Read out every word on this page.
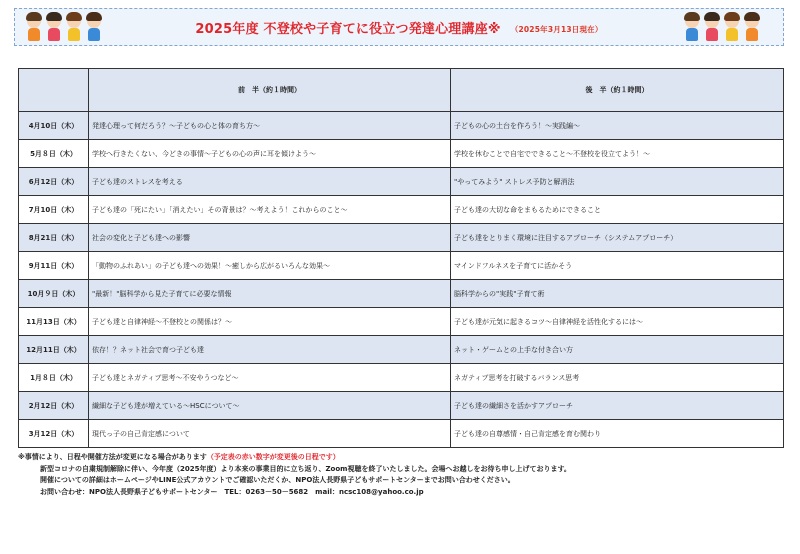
2025年度 不登校や子育てに役立つ発達心理講座※ （2025年3月13日現在）
	前　半（約１時間）	後　半（約１時間）
4月10日（木）	発達心理って何だろう？～子どもの心と体の育ち方～	子どもの心の土台を作ろう！～実践編～
5月８日（木）	学校へ行きたくない、今どきの事情～子どもの心の声に耳を傾けよう～	学校を休むことで自宅でできること～不登校を役立てよう！～
6月12日（木）	子ども達のストレスを考える	"やってみよう" ストレス予防と解消法
7月10日（木）	子ども達の「死にたい」「消えたい」その背景は？～考えよう！これからのこと～	子ども達の大切な命をまもるためにできること
8月21日（木）	社会の変化と子ども達への影響	子ども達をとりまく環境に注目するアプローチ（システムアプローチ）
9月11日（木）	「動物のふれあい」の子ども達への効果！～癒しから広がるいろんな効果～	マインドフルネスを子育てに活かそう
10月９日（木）	"最新！"脳科学から見た子育てに必要な情報	脳科学からの"実践"子育て術
11月13日（木）	子ども達と自律神経～不登校との関係は？～	子ども達が元気に起きるコツ～自律神経を活性化するには～
12月11日（木）	依存！？ネット社会で育つ子ども達	ネット・ゲームとの上手な付き合い方
1月８日（木）	子ども達とネガティブ思考～不安やうつなど～	ネガティブ思考を打破するバランス思考
2月12日（木）	繊細な子ども達が増えている～HSCについて～	子ども達の繊細さを活かすアプローチ
3月12日（木）	現代っ子の自己肯定感について	子ども達の自尊感情・自己肯定感を育む関わり
※事情により、日程や開催方法が変更になる場合があります（予定表の赤い数字が変更後の日程です）
新型コロナの自粛規制解除に伴い、今年度（2025年度）より本来の事業目的に立ち返り、Zoom視聴を終了いたしました。会場へお越しをお待ち申し上げております。
開催についての詳細はホームページやLINE公式アカウントでご確認いただくか、NPO法人長野県子どもサポートセンターまでお問い合わせください。
お問い合わせ：NPO法人長野県子どもサポートセンター　TEL：0263－50－5682　mail：ncsc108@yahoo.co.jp
